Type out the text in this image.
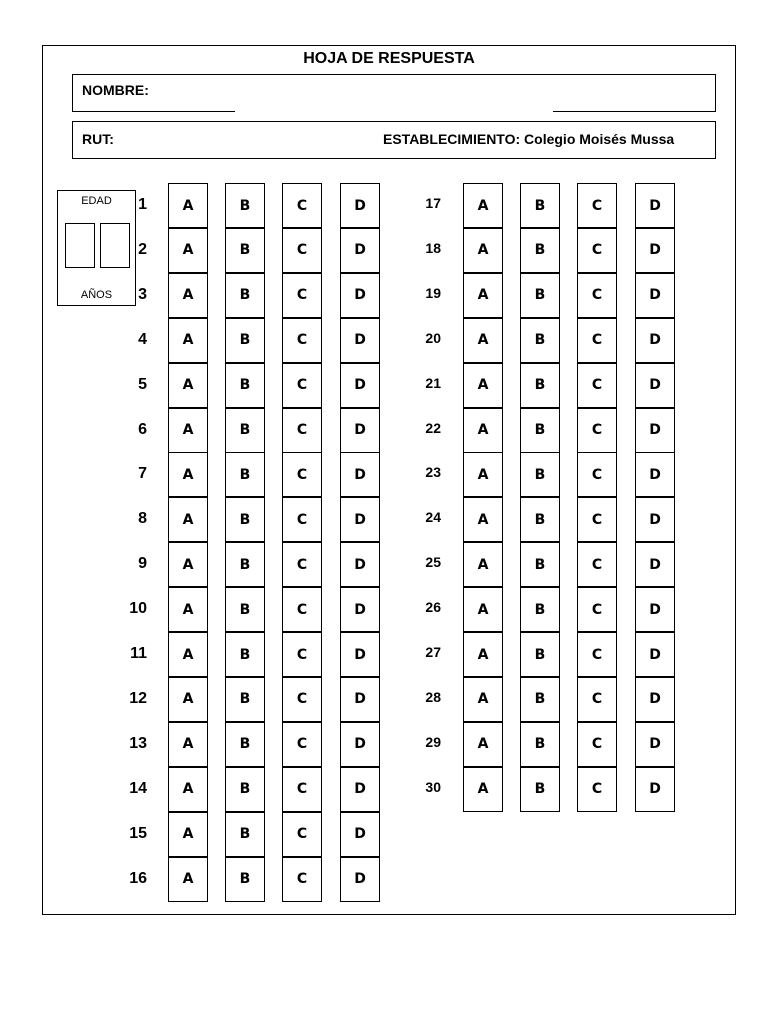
HOJA DE RESPUESTA
NOMBRE:
RUT:	ESTABLECIMIENTO: Colegio Moisés Mussa
EDAD
AÑOS
1	A	B	C	D
2	A	B	C	D
3	A	B	C	D
4	A	B	C	D
5	A	B	C	D
6	A	B	C	D
7	A	B	C	D
8	A	B	C	D
9	A	B	C	D
10	A	B	C	D
11	A	B	C	D
12	A	B	C	D
13	A	B	C	D
14	A	B	C	D
15	A	B	C	D
16	A	B	C	D
17	A	B	C	D
18	A	B	C	D
19	A	B	C	D
20	A	B	C	D
21	A	B	C	D
22	A	B	C	D
23	A	B	C	D
24	A	B	C	D
25	A	B	C	D
26	A	B	C	D
27	A	B	C	D
28	A	B	C	D
29	A	B	C	D
30	A	B	C	D
